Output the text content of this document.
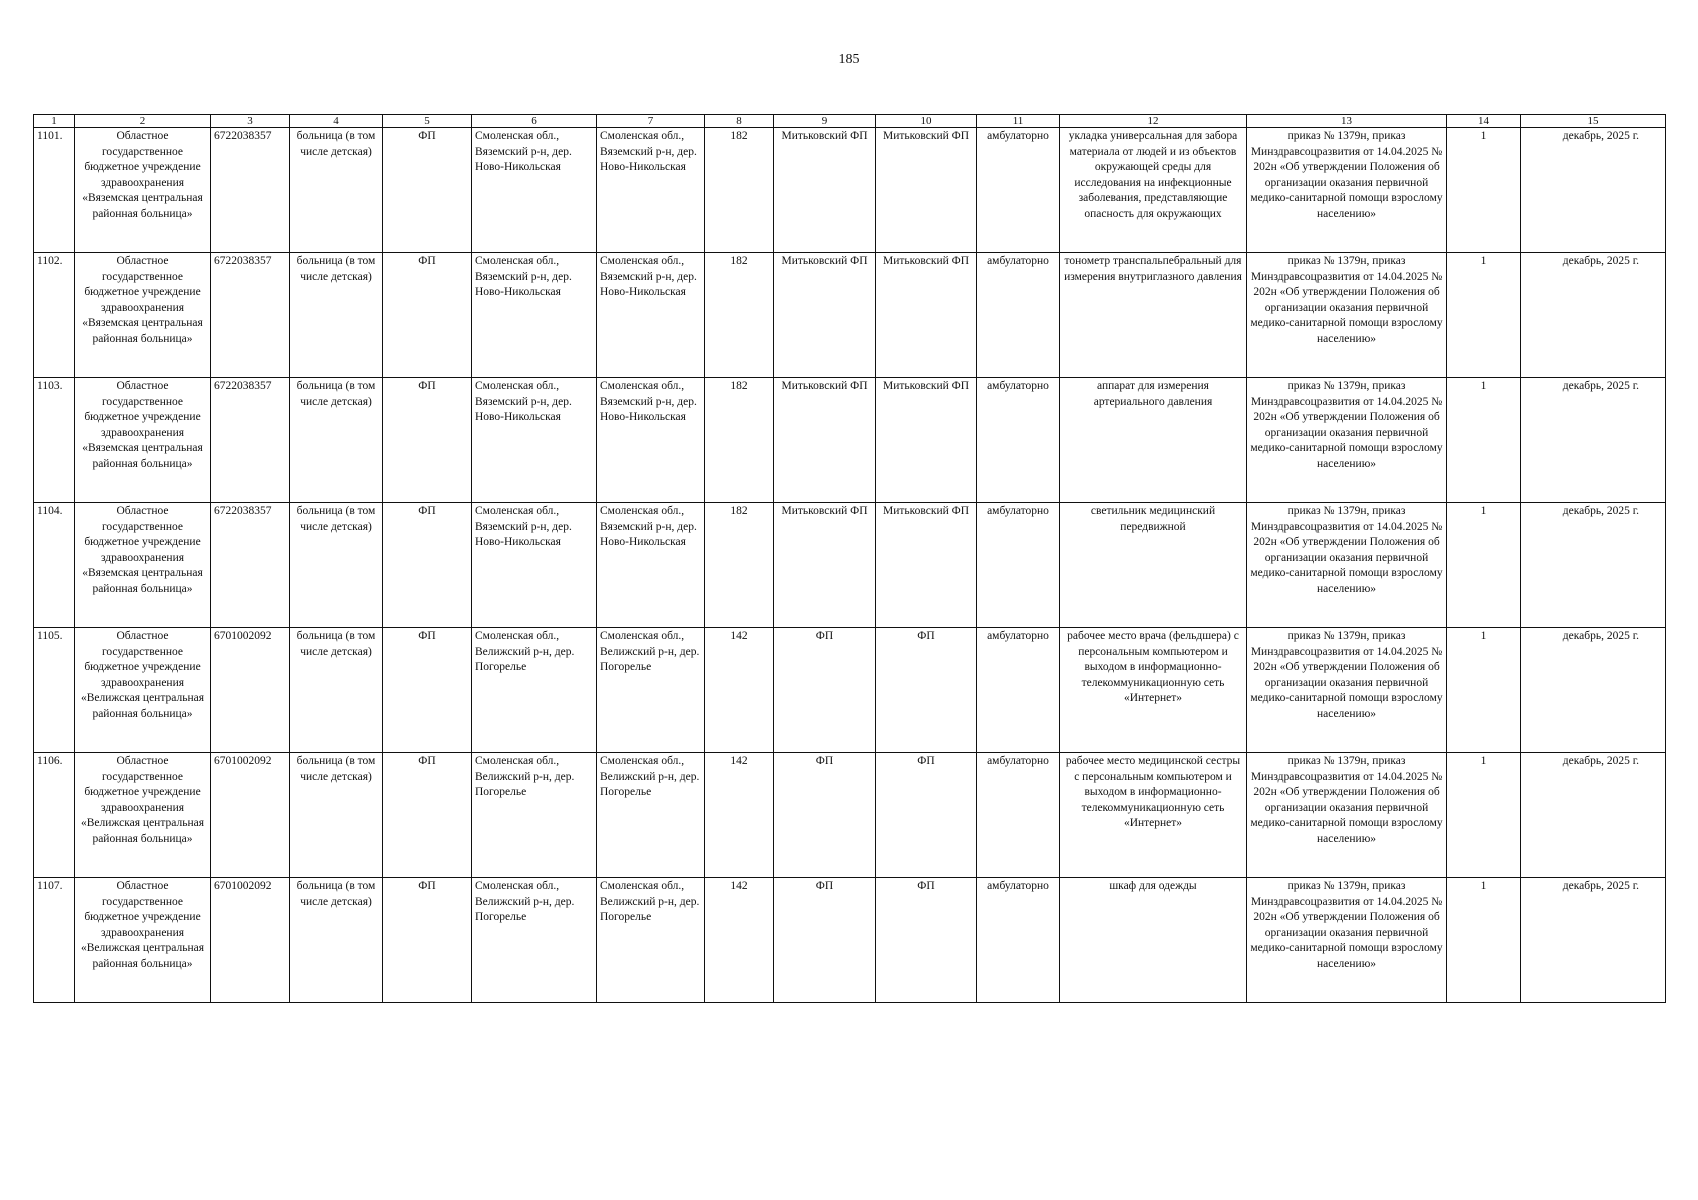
185
1	2	3	4	5	6	7	8	9	10	11	12	13	14	15
1101.	Областное государственное бюджетное учреждение здравоохранения «Вяземская центральная районная больница»	6722038357	больница (в том числе детская)	ФП	Смоленская обл., Вяземский р-н, дер. Ново-Никольская	Смоленская обл., Вяземский р-н, дер. Ново-Никольская	182	Митьковский ФП	Митьковский ФП	амбулаторно	укладка универсальная для забора материала от людей и из объектов окружающей среды для исследования на инфекционные заболевания, представляющие опасность для окружающих	приказ № 1379н, приказ Минздравсоцразвития от 14.04.2025 № 202н «Об утверждении Положения об организации оказания первичной медико-санитарной помощи взрослому населению»	1	декабрь, 2025 г.
1102.	Областное государственное бюджетное учреждение здравоохранения «Вяземская центральная районная больница»	6722038357	больница (в том числе детская)	ФП	Смоленская обл., Вяземский р-н, дер. Ново-Никольская	Смоленская обл., Вяземский р-н, дер. Ново-Никольская	182	Митьковский ФП	Митьковский ФП	амбулаторно	тонометр транспальпебральный для измерения внутриглазного давления	приказ № 1379н, приказ Минздравсоцразвития от 14.04.2025 № 202н «Об утверждении Положения об организации оказания первичной медико-санитарной помощи взрослому населению»	1	декабрь, 2025 г.
1103.	Областное государственное бюджетное учреждение здравоохранения «Вяземская центральная районная больница»	6722038357	больница (в том числе детская)	ФП	Смоленская обл., Вяземский р-н, дер. Ново-Никольская	Смоленская обл., Вяземский р-н, дер. Ново-Никольская	182	Митьковский ФП	Митьковский ФП	амбулаторно	аппарат для измерения артериального давления	приказ № 1379н, приказ Минздравсоцразвития от 14.04.2025 № 202н «Об утверждении Положения об организации оказания первичной медико-санитарной помощи взрослому населению»	1	декабрь, 2025 г.
1104.	Областное государственное бюджетное учреждение здравоохранения «Вяземская центральная районная больница»	6722038357	больница (в том числе детская)	ФП	Смоленская обл., Вяземский р-н, дер. Ново-Никольская	Смоленская обл., Вяземский р-н, дер. Ново-Никольская	182	Митьковский ФП	Митьковский ФП	амбулаторно	светильник медицинский передвижной	приказ № 1379н, приказ Минздравсоцразвития от 14.04.2025 № 202н «Об утверждении Положения об организации оказания первичной медико-санитарной помощи взрослому населению»	1	декабрь, 2025 г.
1105.	Областное государственное бюджетное учреждение здравоохранения «Велижская центральная районная больница»	6701002092	больница (в том числе детская)	ФП	Смоленская обл., Велижский р-н, дер. Погорелье	Смоленская обл., Велижский р-н, дер. Погорелье	142	ФП	ФП	амбулаторно	рабочее место врача (фельдшера) с персональным компьютером и выходом в информационно-телекоммуникационную сеть «Интернет»	приказ № 1379н, приказ Минздравсоцразвития от 14.04.2025 № 202н «Об утверждении Положения об организации оказания первичной медико-санитарной помощи взрослому населению»	1	декабрь, 2025 г.
1106.	Областное государственное бюджетное учреждение здравоохранения «Велижская центральная районная больница»	6701002092	больница (в том числе детская)	ФП	Смоленская обл., Велижский р-н, дер. Погорелье	Смоленская обл., Велижский р-н, дер. Погорелье	142	ФП	ФП	амбулаторно	рабочее место медицинской сестры с персональным компьютером и выходом в информационно-телекоммуникационную сеть «Интернет»	приказ № 1379н, приказ Минздравсоцразвития от 14.04.2025 № 202н «Об утверждении Положения об организации оказания первичной медико-санитарной помощи взрослому населению»	1	декабрь, 2025 г.
1107.	Областное государственное бюджетное учреждение здравоохранения «Велижская центральная районная больница»	6701002092	больница (в том числе детская)	ФП	Смоленская обл., Велижский р-н, дер. Погорелье	Смоленская обл., Велижский р-н, дер. Погорелье	142	ФП	ФП	амбулаторно	шкаф для одежды	приказ № 1379н, приказ Минздравсоцразвития от 14.04.2025 № 202н «Об утверждении Положения об организации оказания первичной медико-санитарной помощи взрослому населению»	1	декабрь, 2025 г.
